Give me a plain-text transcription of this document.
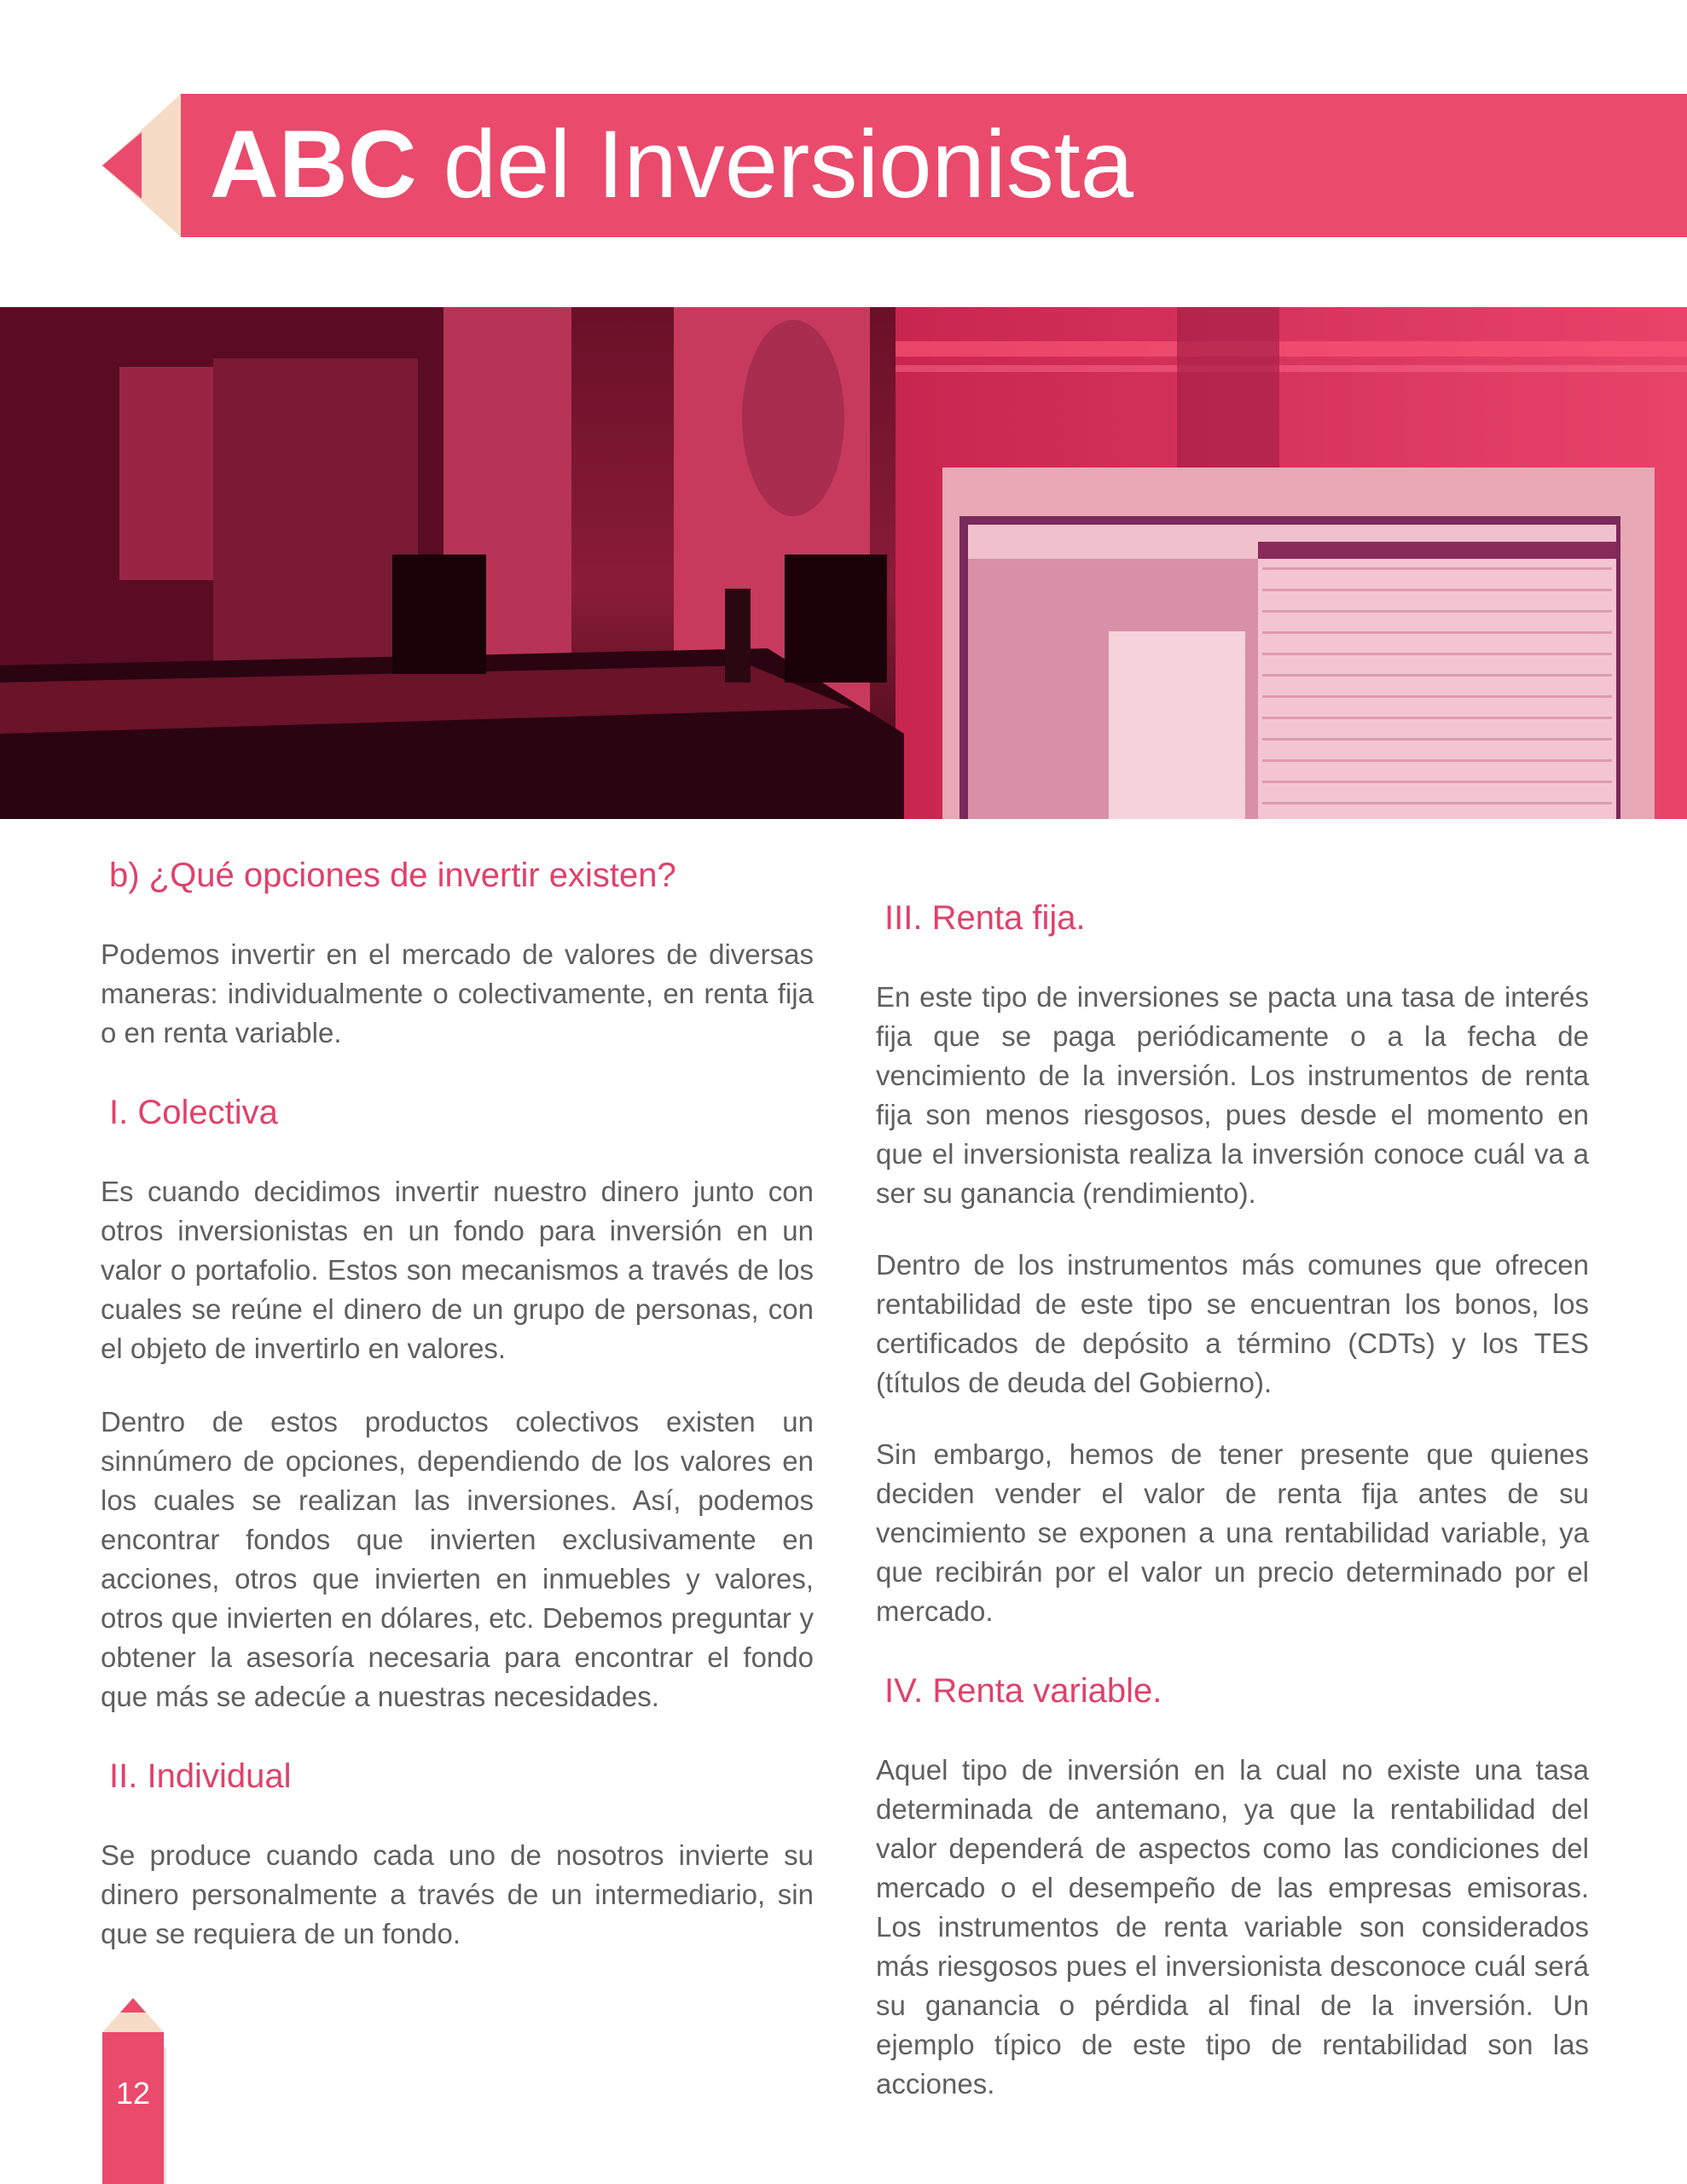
ABC del Inversionista
b) ¿Qué opciones de invertir existen?

Podemos invertir en el mercado de valores de diversas maneras: individualmente o colectivamente, en renta fija o en renta variable.

I. Colectiva

Es cuando decidimos invertir nuestro dinero junto con otros inversionistas en un fondo para inversión en un valor o portafolio. Estos son mecanismos a través de los cuales se reúne el dinero de un grupo de personas, con el objeto de invertirlo en valores.

Dentro de estos productos colectivos existen un sinnúmero de opciones, dependiendo de los valores en los cuales se realizan las inversiones. Así, podemos encontrar fondos que invierten exclusivamente en acciones, otros que invierten en inmuebles y valores, otros que invierten en dólares, etc. Debemos preguntar y obtener la asesoría necesaria para encontrar el fondo que más se adecúe a nuestras necesidades.

II. Individual

Se produce cuando cada uno de nosotros invierte su dinero personalmente a través de un intermediario, sin que se requiera de un fondo.

III. Renta fija.

En este tipo de inversiones se pacta una tasa de interés fija que se paga periódicamente o a la fecha de vencimiento de la inversión. Los instrumentos de renta fija son menos riesgosos, pues desde el momento en que el inversionista realiza la inversión conoce cuál va a ser su ganancia (rendimiento).

Dentro de los instrumentos más comunes que ofrecen rentabilidad de este tipo se encuentran los bonos, los certificados de depósito a término (CDTs) y los TES (títulos de deuda del Gobierno).

Sin embargo, hemos de tener presente que quienes deciden vender el valor de renta fija antes de su vencimiento se exponen a una rentabilidad variable, ya que recibirán por el valor un precio determinado por el mercado.

IV. Renta variable.

Aquel tipo de inversión en la cual no existe una tasa determinada de antemano, ya que la rentabilidad del valor dependerá de aspectos como las condiciones del mercado o el desempeño de las empresas emisoras. Los instrumentos de renta variable son considerados más riesgosos pues el inversionista desconoce cuál será su ganancia o pérdida al final de la inversión. Un ejemplo típico de este tipo de rentabilidad son las acciones.

12
